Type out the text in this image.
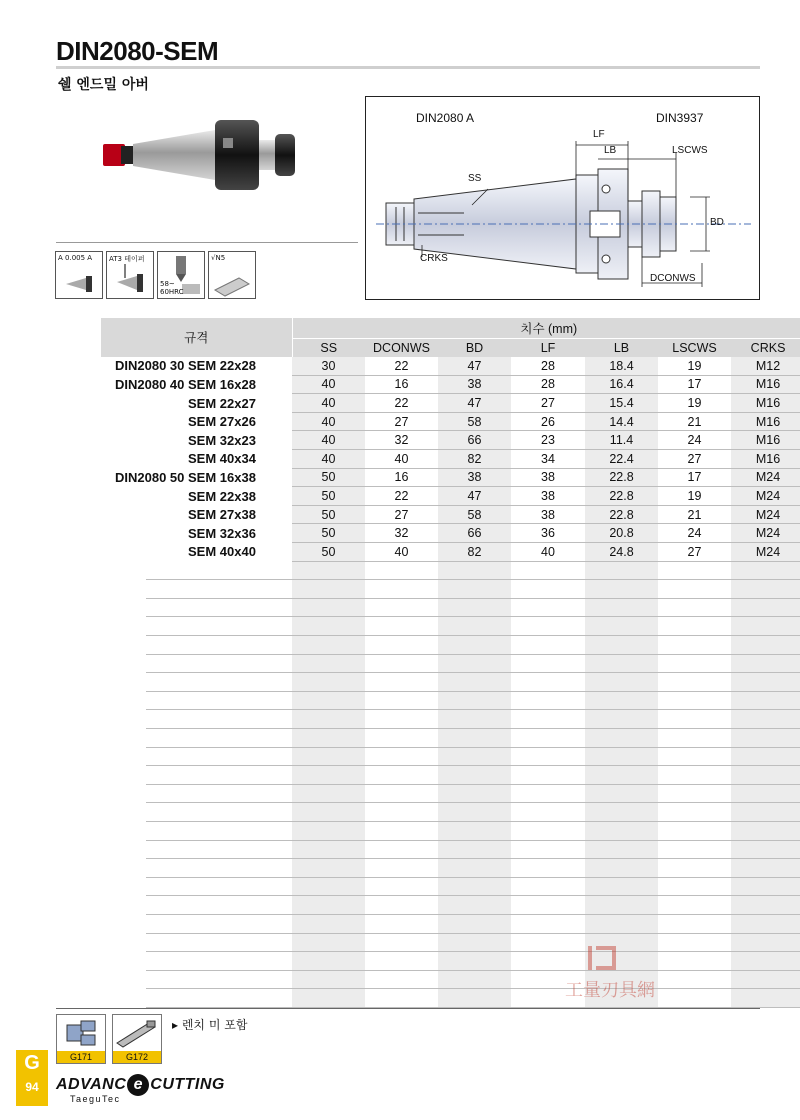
DIN2080-SEM
쉘 엔드밀 아버
A 0.005 A AT3 테이퍼
58~
60HRC
√N5
DIN2080 A	DIN3937
LF
LB	LSCWS
SS
BD
CRKS
DCONWS
규격	치수 (mm)						
	SS	DCONWS	BD	LF	LB	LSCWS	CRKS
DIN2080 30 SEM 22x28	30	22	47	28	18.4	19	M12
DIN2080 40 SEM 16x28	40	16	38	28	16.4	17	M16
SEM 22x27	40	22	47	27	15.4	19	M16
SEM 27x26	40	27	58	26	14.4	21	M16
SEM 32x23	40	32	66	23	11.4	24	M16
SEM 40x34	40	40	82	34	22.4	27	M16
DIN2080 50 SEM 16x38	50	16	38	38	22.8	17	M24
SEM 22x38	50	22	47	38	22.8	19	M24
SEM 27x38	50	27	58	38	22.8	21	M24
SEM 32x36	50	32	66	36	20.8	24	M24
SEM 40x40	50	40	82	40	24.8	27	M24

工量刃具網
G171	G172
▸ 렌치 미 포함
G
94	ADVANC e CUTTING
TaeguTec
